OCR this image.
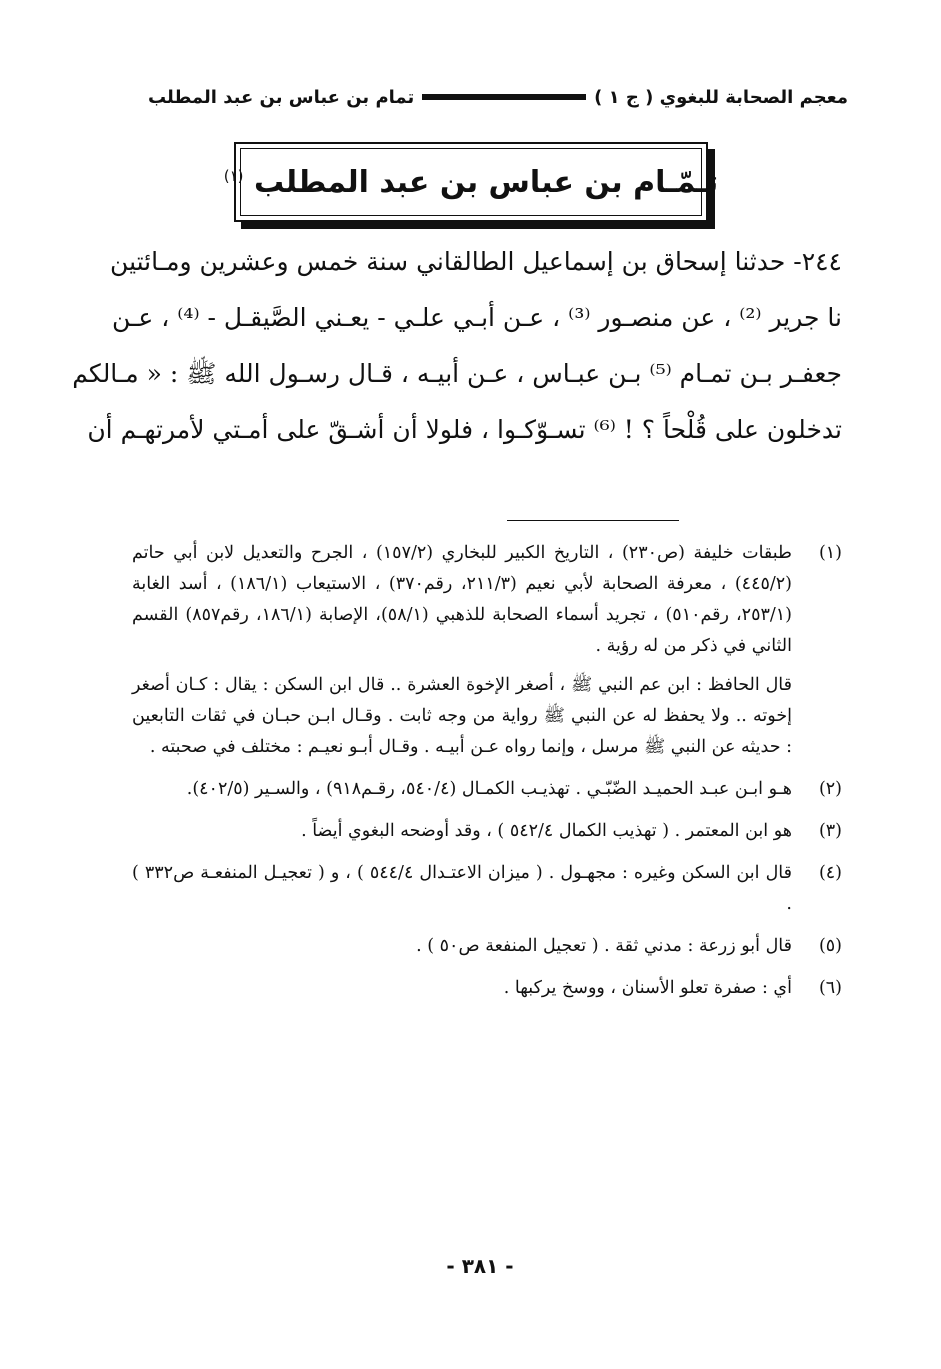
معجم الصحابة للبغوي ( ج ١ )
تمام بن عباس بن عبد المطلب
تـمّـام بن عباس بن عبد المطلب $^{(١)}$
٢٤٤- حدثنا إسحاق بن إسماعيل الطالقاني سنة خمس وعشرين ومـائتين
نا جرير ⁽²⁾ ، عن منصـور ⁽³⁾ ، عـن أبـي علـي - يعـني الصَّيقـل - ⁽⁴⁾ ، عـن
جعفـر بـن تمـام ⁽⁵⁾ بـن عبـاس ، عـن أبيـه ، قـال رسـول الله ﷺ : « مـالكم
تدخلون على قُلْحاً ؟ ! ⁽⁶⁾ تسـوّكـوا ، فلولا أن أشـقّ على أمـتي لأمرتهـم أن
(١)
طبقات خليفة (ص٢٣٠) ، التاريخ الكبير للبخاري (١٥٧/٢) ، الجرح والتعديل لابن أبي حاتم (٤٤٥/٢) ، معرفة الصحابة لأبي نعيم (٢١١/٣، رقم٣٧٠) ، الاستيعاب (١٨٦/١) ، أسد الغابة (٢٥٣/١، رقم٥١٠) ، تجريد أسماء الصحابة للذهبي (٥٨/١)، الإصابة (١٨٦/١، رقم٨٥٧) القسم الثاني في ذكر من له رؤية .
قال الحافظ : ابن عم النبي ﷺ ، أصغر الإخوة العشرة .. قال ابن السكن : يقال : كـان أصغر إخوته .. ولا يحفظ له عن النبي ﷺ رواية من وجه ثابت . وقـال ابـن حبـان في ثقات التابعين : حديثه عن النبي ﷺ مرسل ، وإنما رواه عـن أبيـه . وقـال أبـو نعيـم : مختلف في صحبته .
(٢)
هـو ابـن عبـد الحميـد الضّبّـي . تهذيـب الكمـال (٥٤٠/٤، رقـم٩١٨) ، والسـير (٤٠٢/٥).
(٣)
هو ابن المعتمر . ( تهذيب الكمال ٥٤٢/٤ ) ، وقد أوضحه البغوي أيضاً .
(٤)
قال ابن السكن وغيره : مجهـول . ( ميزان الاعتـدال ٥٤٤/٤ ) ، و ( تعجيـل المنفعـة ص٣٣٢ ) .
(٥)
قال أبو زرعة : مدني ثقة . ( تعجيل المنفعة ص٥٠ ) .
(٦)
أي : صفرة تعلو الأسنان ، ووسخ يركبها .
- ٣٨١ -
